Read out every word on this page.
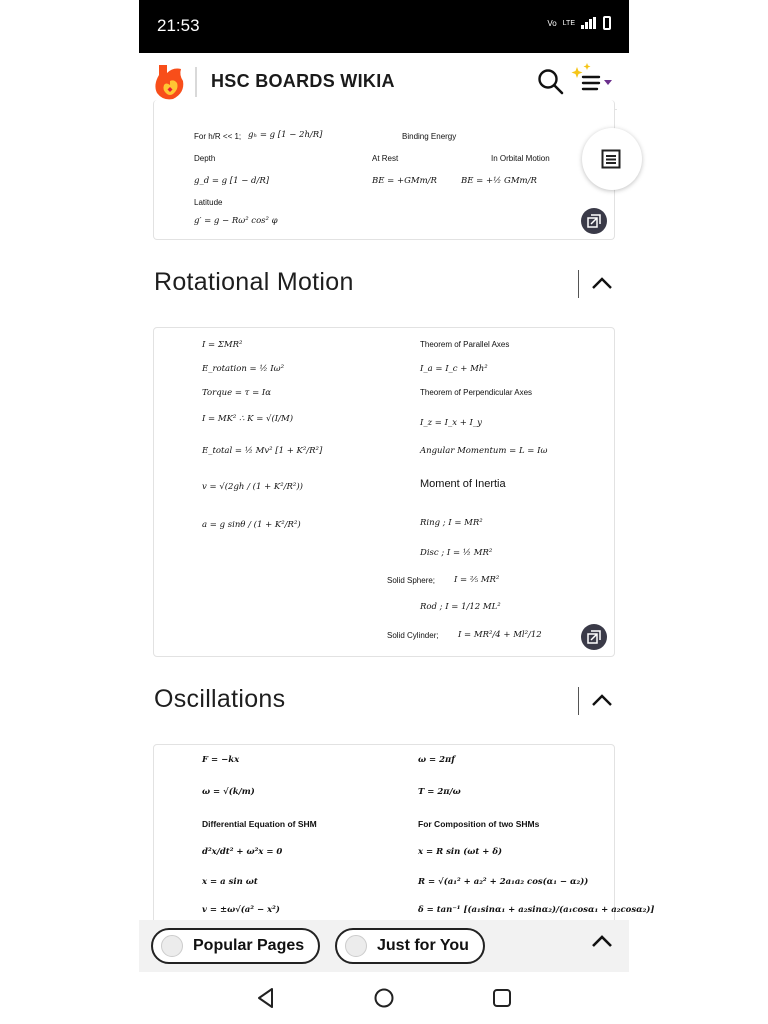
21:53	Vo LTE
HSC BOARDS WIKIA
For h/R << 1; gₕ = g [1 − 2h/R]	Binding Energy
Depth	At Rest	In Orbital Motion
g_d = g [1 − d/R]	BE = +GMm/R	BE = +½ GMm/R
Latitude
g′ = g − Rω² cos² φ
Rotational Motion
I = ΣMR²
E_rotation = ½ Iω²
Torque = τ = Iα
I = MK² ∴ K = √(I/M)
E_total = ½ Mv² [1 + K²/R²]
v = √(2gh / (1 + K²/R²))
a = g sinθ / (1 + K²/R²)
Theorem of Parallel Axes
I_a = I_c + Mh²
Theorem of Perpendicular Axes
I_z = I_x + I_y
Angular Momentum = L = Iω
Moment of Inertia
Ring ; I = MR²
Disc ; I = ½ MR²
Solid Sphere; I = ⅖ MR²
Rod ; I = 1/12 ML²
Solid Cylinder; I = MR²/4 + Ml²/12
Oscillations
F = −kx	ω = 2πf
ω = √(k/m)	T = 2π/ω
Differential Equation of SHM	For Composition of two SHMs
d²x/dt² + ω²x = 0	x = R sin (ωt + δ)
x = a sin ωt	R = √(a₁² + a₂² + 2a₁a₂ cos(α₁ − α₂))
v = ±ω√(a² − x²)	δ = tan⁻¹ [(a₁sinα₁ + a₂sinα₂)/(a₁cosα₁ + a₂cosα₂)]
Popular Pages	Just for You
